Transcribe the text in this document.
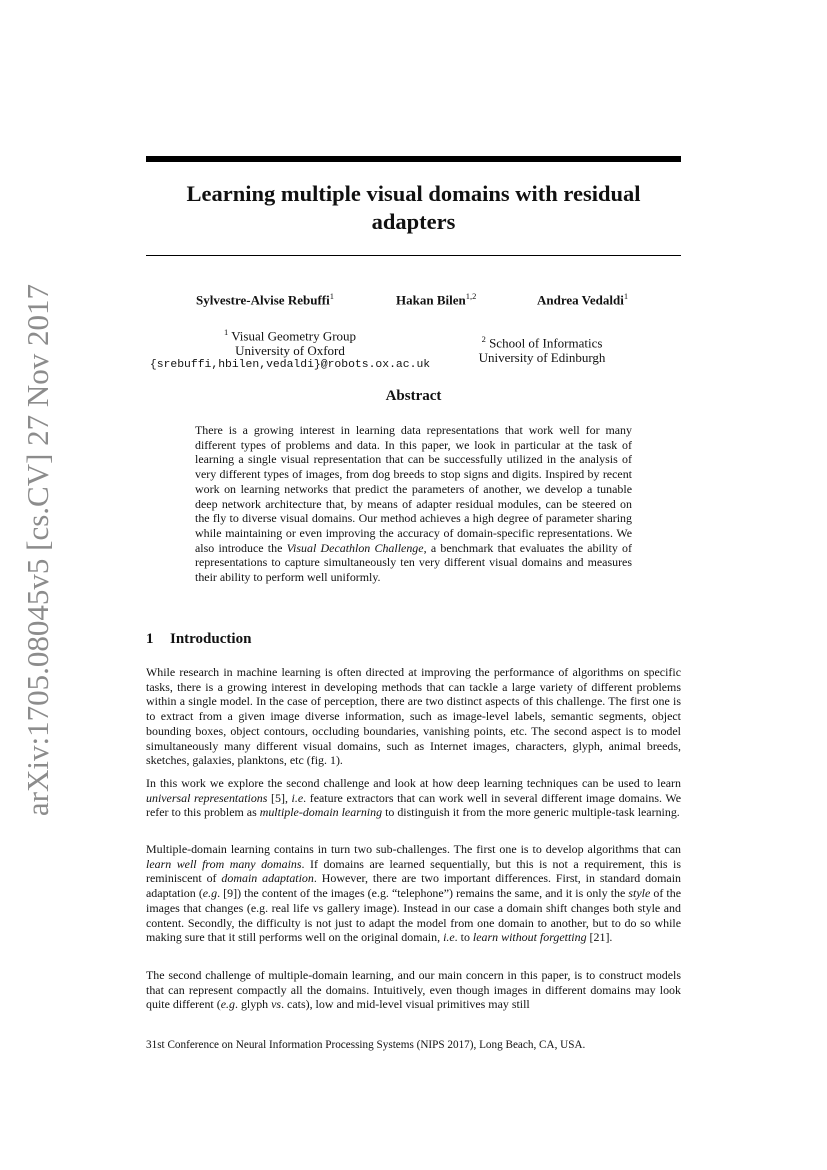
arXiv:1705.08045v5 [cs.CV] 27 Nov 2017
Learning multiple visual domains with residual adapters
Sylvestre-Alvise Rebuffi$^1$	Hakan Bilen$^{1,2}$	Andrea Vedaldi$^1$
$^1$ Visual Geometry Group
University of Oxford
{srebuffi,hbilen,vedaldi}@robots.ox.ac.uk
$^2$ School of Informatics
University of Edinburgh
Abstract

There is a growing interest in learning data representations that work well for many different types of problems and data. In this paper, we look in particular at the task of learning a single visual representation that can be successfully utilized in the analysis of very different types of images, from dog breeds to stop signs and digits. Inspired by recent work on learning networks that predict the parameters of another, we develop a tunable deep network architecture that, by means of adapter residual modules, can be steered on the fly to diverse visual domains. Our method achieves a high degree of parameter sharing while maintaining or even improving the accuracy of domain-specific representations. We also introduce the Visual Decathlon Challenge, a benchmark that evaluates the ability of representations to capture simultaneously ten very different visual domains and measures their ability to perform well uniformly.

1 Introduction

While research in machine learning is often directed at improving the performance of algorithms on specific tasks, there is a growing interest in developing methods that can tackle a large variety of different problems within a single model. In the case of perception, there are two distinct aspects of this challenge. The first one is to extract from a given image diverse information, such as image-level labels, semantic segments, object bounding boxes, object contours, occluding boundaries, vanishing points, etc. The second aspect is to model simultaneously many different visual domains, such as Internet images, characters, glyph, animal breeds, sketches, galaxies, planktons, etc (fig. 1).

In this work we explore the second challenge and look at how deep learning techniques can be used to learn universal representations [5], i.e. feature extractors that can work well in several different image domains. We refer to this problem as multiple-domain learning to distinguish it from the more generic multiple-task learning.

Multiple-domain learning contains in turn two sub-challenges. The first one is to develop algorithms that can learn well from many domains. If domains are learned sequentially, but this is not a requirement, this is reminiscent of domain adaptation. However, there are two important differences. First, in standard domain adaptation (e.g. [9]) the content of the images (e.g. “telephone”) remains the same, and it is only the style of the images that changes (e.g. real life vs gallery image). Instead in our case a domain shift changes both style and content. Secondly, the difficulty is not just to adapt the model from one domain to another, but to do so while making sure that it still performs well on the original domain, i.e. to learn without forgetting [21].

The second challenge of multiple-domain learning, and our main concern in this paper, is to construct models that can represent compactly all the domains. Intuitively, even though images in different domains may look quite different (e.g. glyph vs. cats), low and mid-level visual primitives may still

31st Conference on Neural Information Processing Systems (NIPS 2017), Long Beach, CA, USA.
